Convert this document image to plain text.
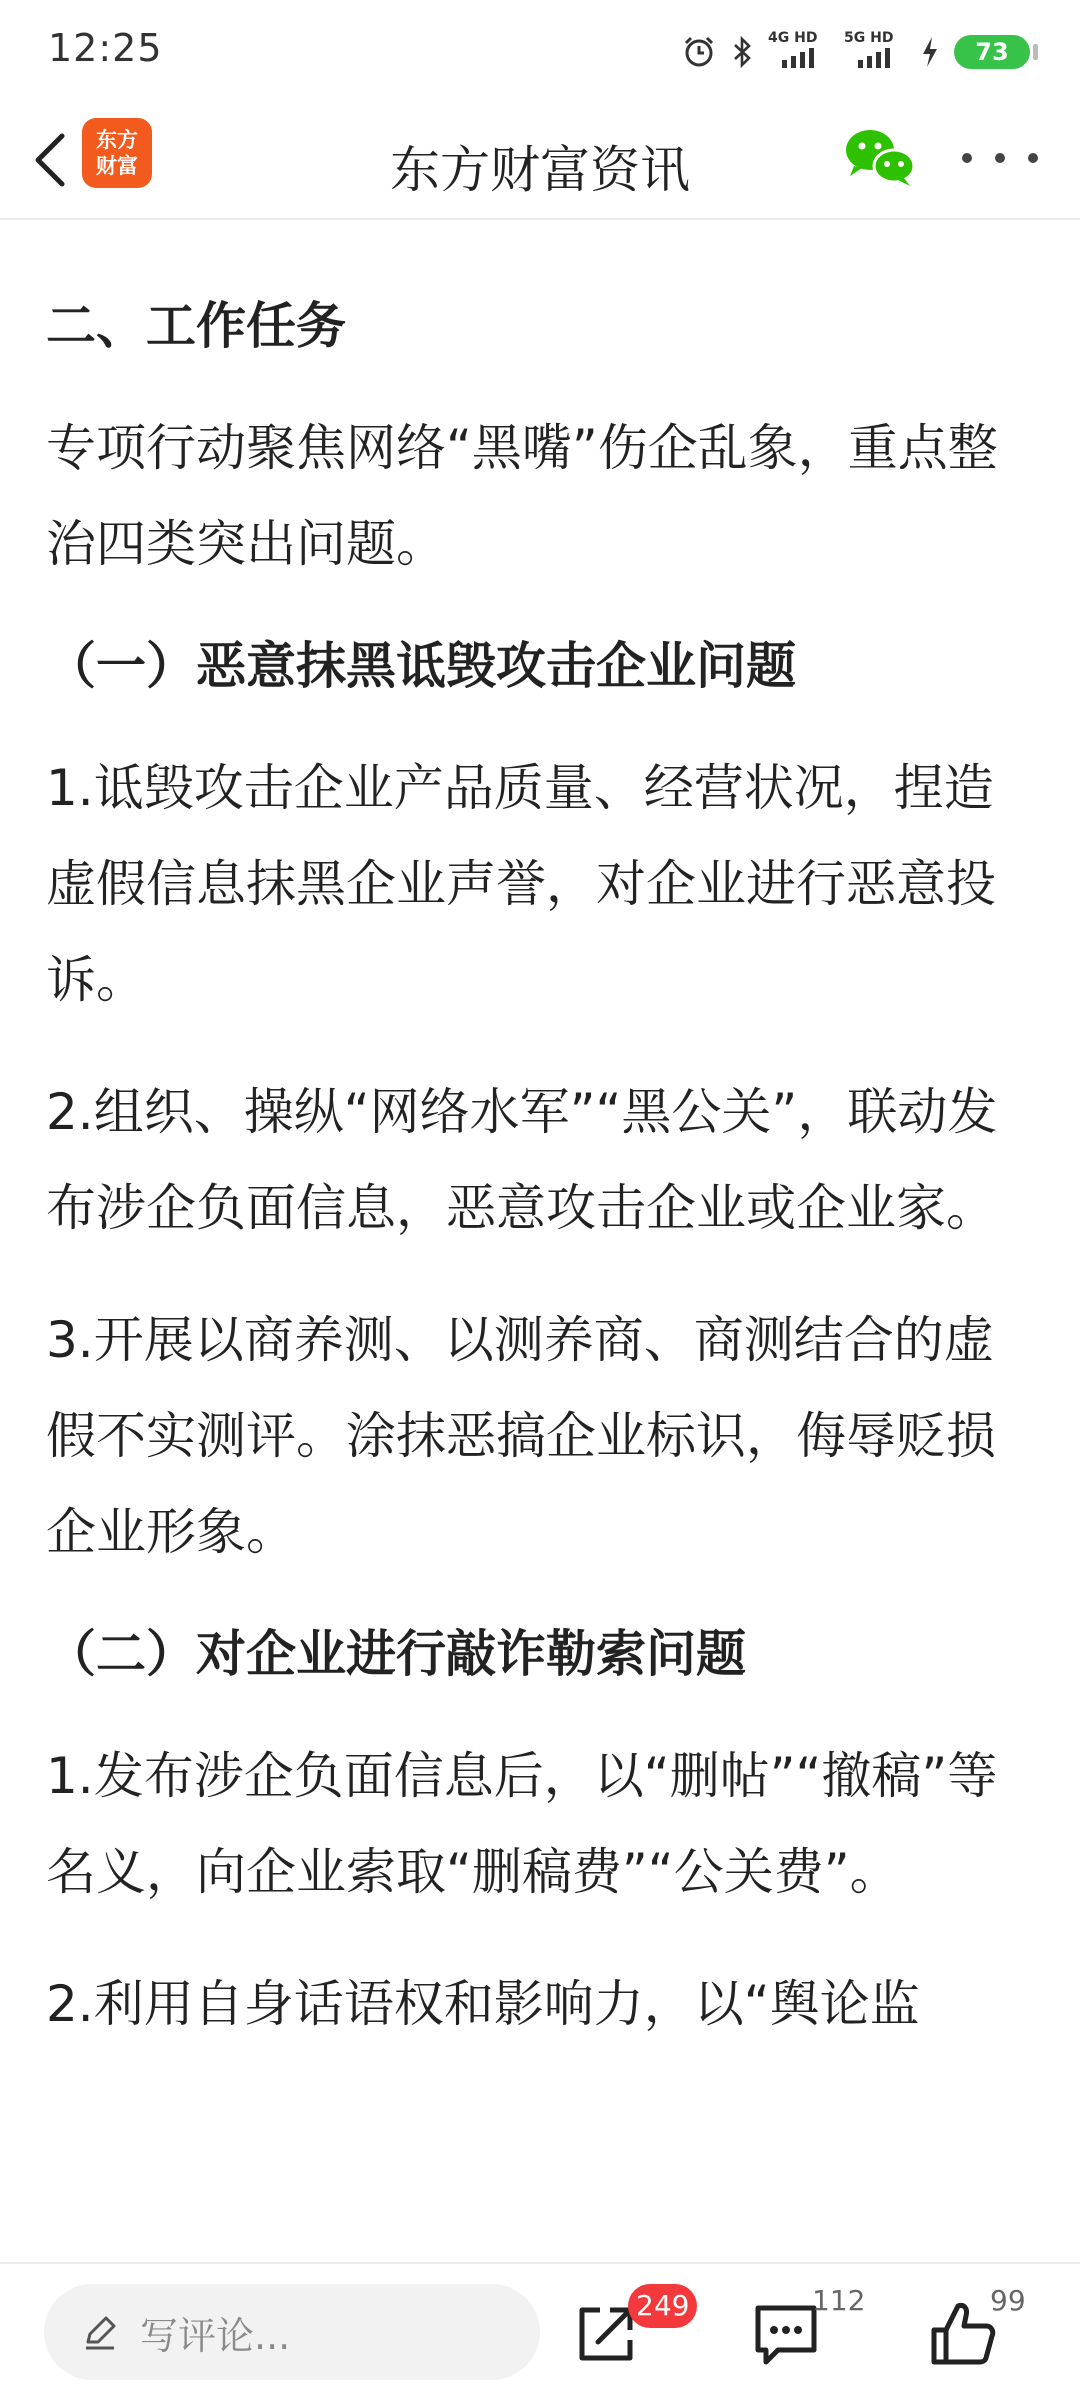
12:25	4G HD 5G HD	73
东方
财富	东方财富资讯
二、工作任务
专项行动聚焦网络“黑嘴”伤企乱象，重点整治四类突出问题。
（一）恶意抹黑诋毁攻击企业问题
1.诋毁攻击企业产品质量、经营状况，捏造虚假信息抹黑企业声誉，对企业进行恶意投诉。
2.组织、操纵“网络水军”“黑公关”，联动发布涉企负面信息，恶意攻击企业或企业家。
3.开展以商养测、以测养商、商测结合的虚假不实测评。涂抹恶搞企业标识，侮辱贬损企业形象。
（二）对企业进行敲诈勒索问题
1.发布涉企负面信息后，以“删帖”“撤稿”等名义，向企业索取“删稿费”“公关费”。
2.利用自身话语权和影响力，以“舆论监
写评论...
249	112	99
